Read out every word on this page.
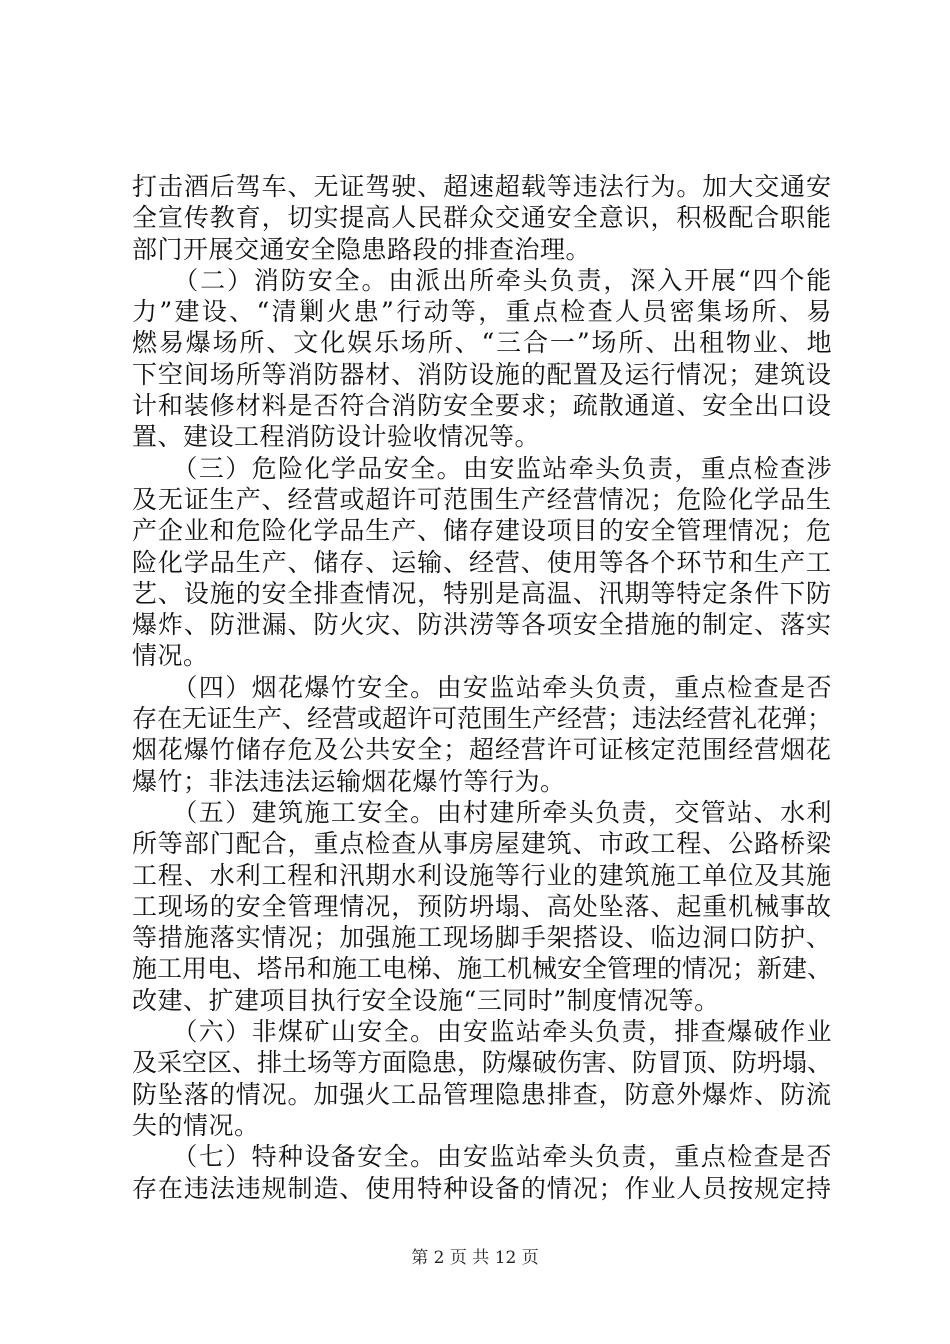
打击酒后驾车、无证驾驶、超速超载等违法行为。加大交通安
全宣传教育，切实提高人民群众交通安全意识，积极配合职能
部门开展交通安全隐患路段的排查治理。
　　（二）消防安全。由派出所牵头负责，深入开展“四个能
力”建设、“清剿火患”行动等，重点检查人员密集场所、易
燃易爆场所、文化娱乐场所、“三合一”场所、出租物业、地
下空间场所等消防器材、消防设施的配置及运行情况；建筑设
计和装修材料是否符合消防安全要求；疏散通道、安全出口设
置、建设工程消防设计验收情况等。
　　（三）危险化学品安全。由安监站牵头负责，重点检查涉
及无证生产、经营或超许可范围生产经营情况；危险化学品生
产企业和危险化学品生产、储存建设项目的安全管理情况；危
险化学品生产、储存、运输、经营、使用等各个环节和生产工
艺、设施的安全排查情况，特别是高温、汛期等特定条件下防
爆炸、防泄漏、防火灾、防洪涝等各项安全措施的制定、落实
情况。
　　（四）烟花爆竹安全。由安监站牵头负责，重点检查是否
存在无证生产、经营或超许可范围生产经营；违法经营礼花弹；
烟花爆竹储存危及公共安全；超经营许可证核定范围经营烟花
爆竹；非法违法运输烟花爆竹等行为。
　　（五）建筑施工安全。由村建所牵头负责，交管站、水利
所等部门配合，重点检查从事房屋建筑、市政工程、公路桥梁
工程、水利工程和汛期水利设施等行业的建筑施工单位及其施
工现场的安全管理情况，预防坍塌、高处坠落、起重机械事故
等措施落实情况；加强施工现场脚手架搭设、临边洞口防护、
施工用电、塔吊和施工电梯、施工机械安全管理的情况；新建、
改建、扩建项目执行安全设施“三同时”制度情况等。
　　（六）非煤矿山安全。由安监站牵头负责，排查爆破作业
及采空区、排土场等方面隐患，防爆破伤害、防冒顶、防坍塌、
防坠落的情况。加强火工品管理隐患排查，防意外爆炸、防流
失的情况。
　　（七）特种设备安全。由安监站牵头负责，重点检查是否
存在违法违规制造、使用特种设备的情况；作业人员按规定持
第 2 页 共 12 页
